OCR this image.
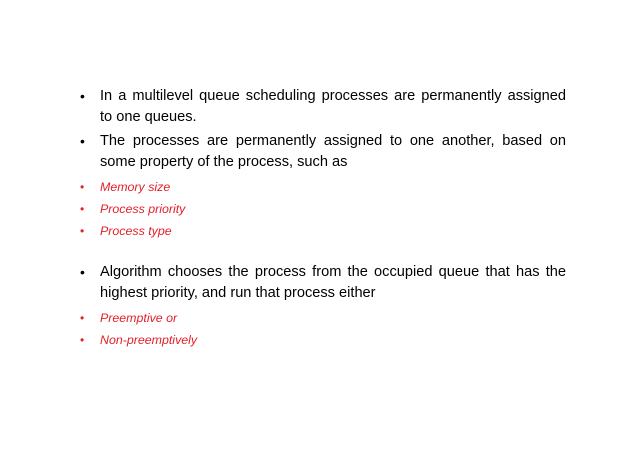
• In a multilevel queue scheduling processes are permanently assigned to one queues.
• The processes are permanently assigned to one another, based on some property of the process, such as
• Memory size
• Process priority
• Process type
• Algorithm chooses the process from the occupied queue that has the highest priority, and run that process either
• Preemptive or
• Non-preemptively
